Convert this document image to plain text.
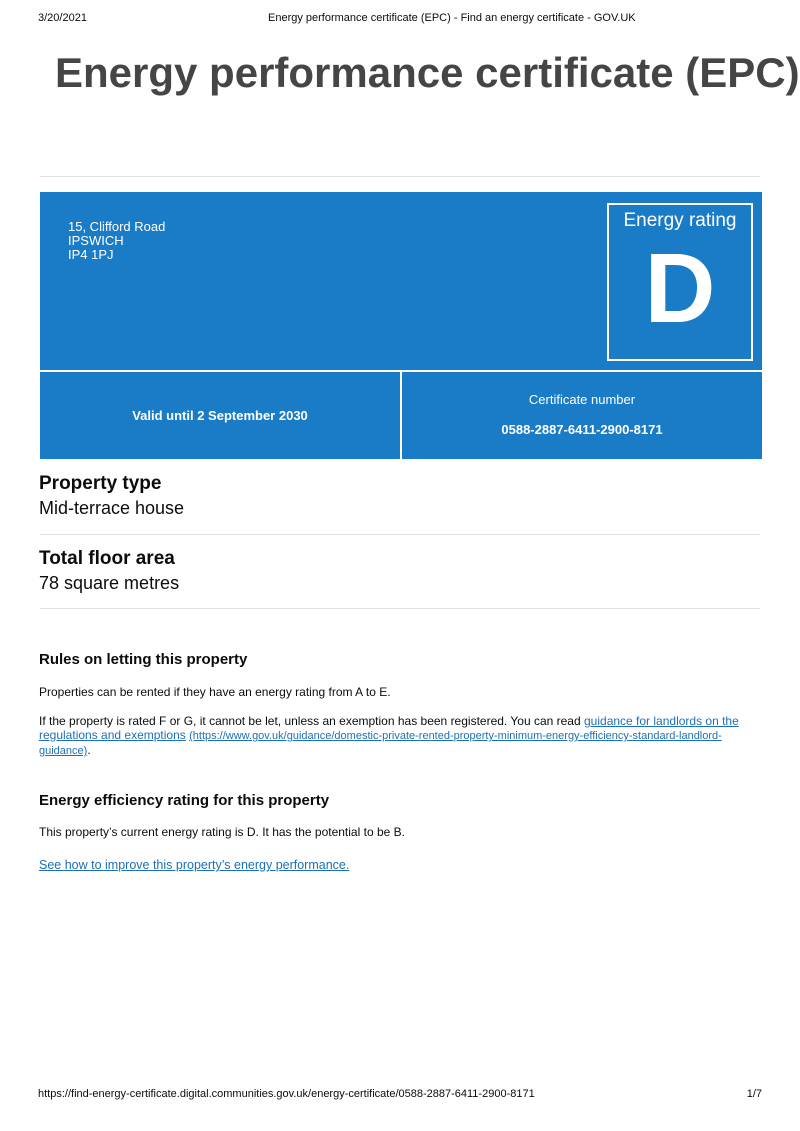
3/20/2021	Energy performance certificate (EPC) - Find an energy certificate - GOV.UK
Energy performance certificate (EPC)
15, Clifford Road
IPSWICH
IP4 1PJ
Energy rating
D
Valid until 2 September 2030
Certificate number
0588-2887-6411-2900-8171
Property type
Mid-terrace house
Total floor area
78 square metres
Rules on letting this property

Properties can be rented if they have an energy rating from A to E.

If the property is rated F or G, it cannot be let, unless an exemption has been registered. You can read guidance for landlords on the regulations and exemptions (https://www.gov.uk/guidance/domestic-private-rented-property-minimum-energy-efficiency-standard-landlord-guidance).

Energy efficiency rating for this property

This property’s current energy rating is D. It has the potential to be B.

See how to improve this property’s energy performance.

https://find-energy-certificate.digital.communities.gov.uk/energy-certificate/0588-2887-6411-2900-8171	1/7
